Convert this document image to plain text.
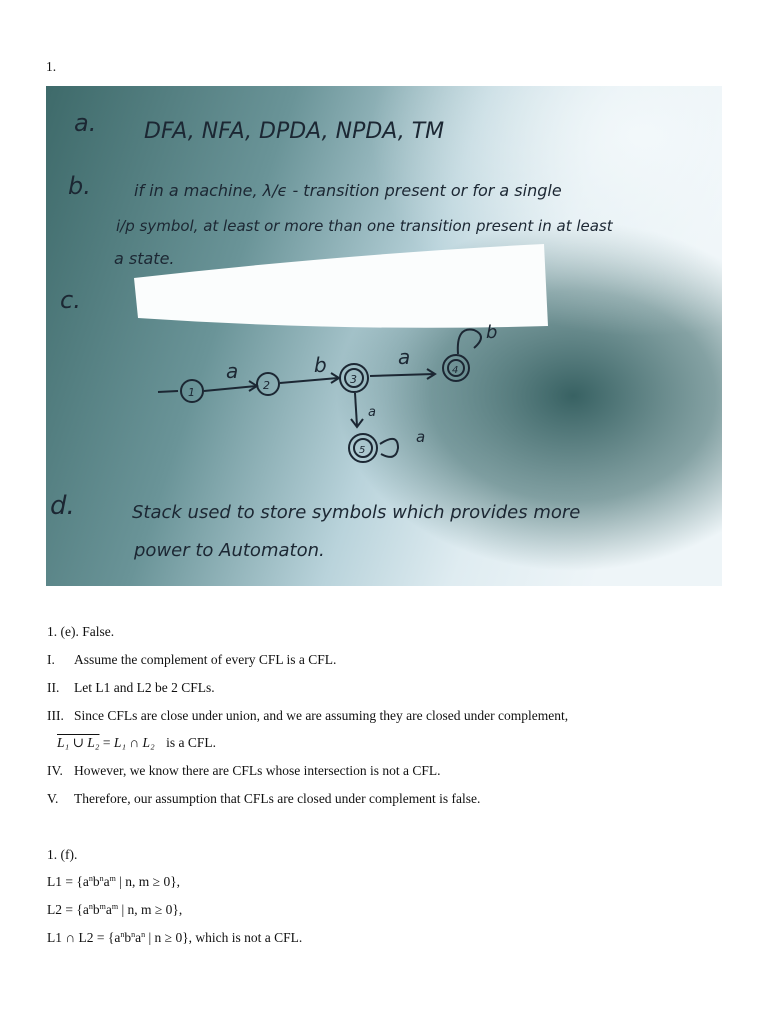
1.
a. DFA, NFA, DPDA, NPDA, TM
b.	if in a machine, λ/ϵ - transition present or for a single
i/p symbol, at least or more than one transition present in at least
a state.
c.
1
2	3
4
5
a	b	a
a
b
a
d.	Stack used to store symbols which provides more
power to Automaton.
1. (e). False.
I. Assume the complement of every CFL is a CFL.
II. Let L1 and L2 be 2 CFLs.
III. Since CFLs are close under union, and we are assuming they are closed under complement,
L₁ ∪ L₂ = L₁ ∩ L₂ is a CFL.
IV. However, we know there are CFLs whose intersection is not a CFL.
V. Therefore, our assumption that CFLs are closed under complement is false.
1. (f).
$L1 = \{a^nb^na^m$ | n, m ≥ 0},
$L2 = \{a^nb^ma^m$ | n, m ≥ 0},
L1 ∩ $L2 = \{a^nb^na^n$ | n ≥ 0}, which is not a CFL.
